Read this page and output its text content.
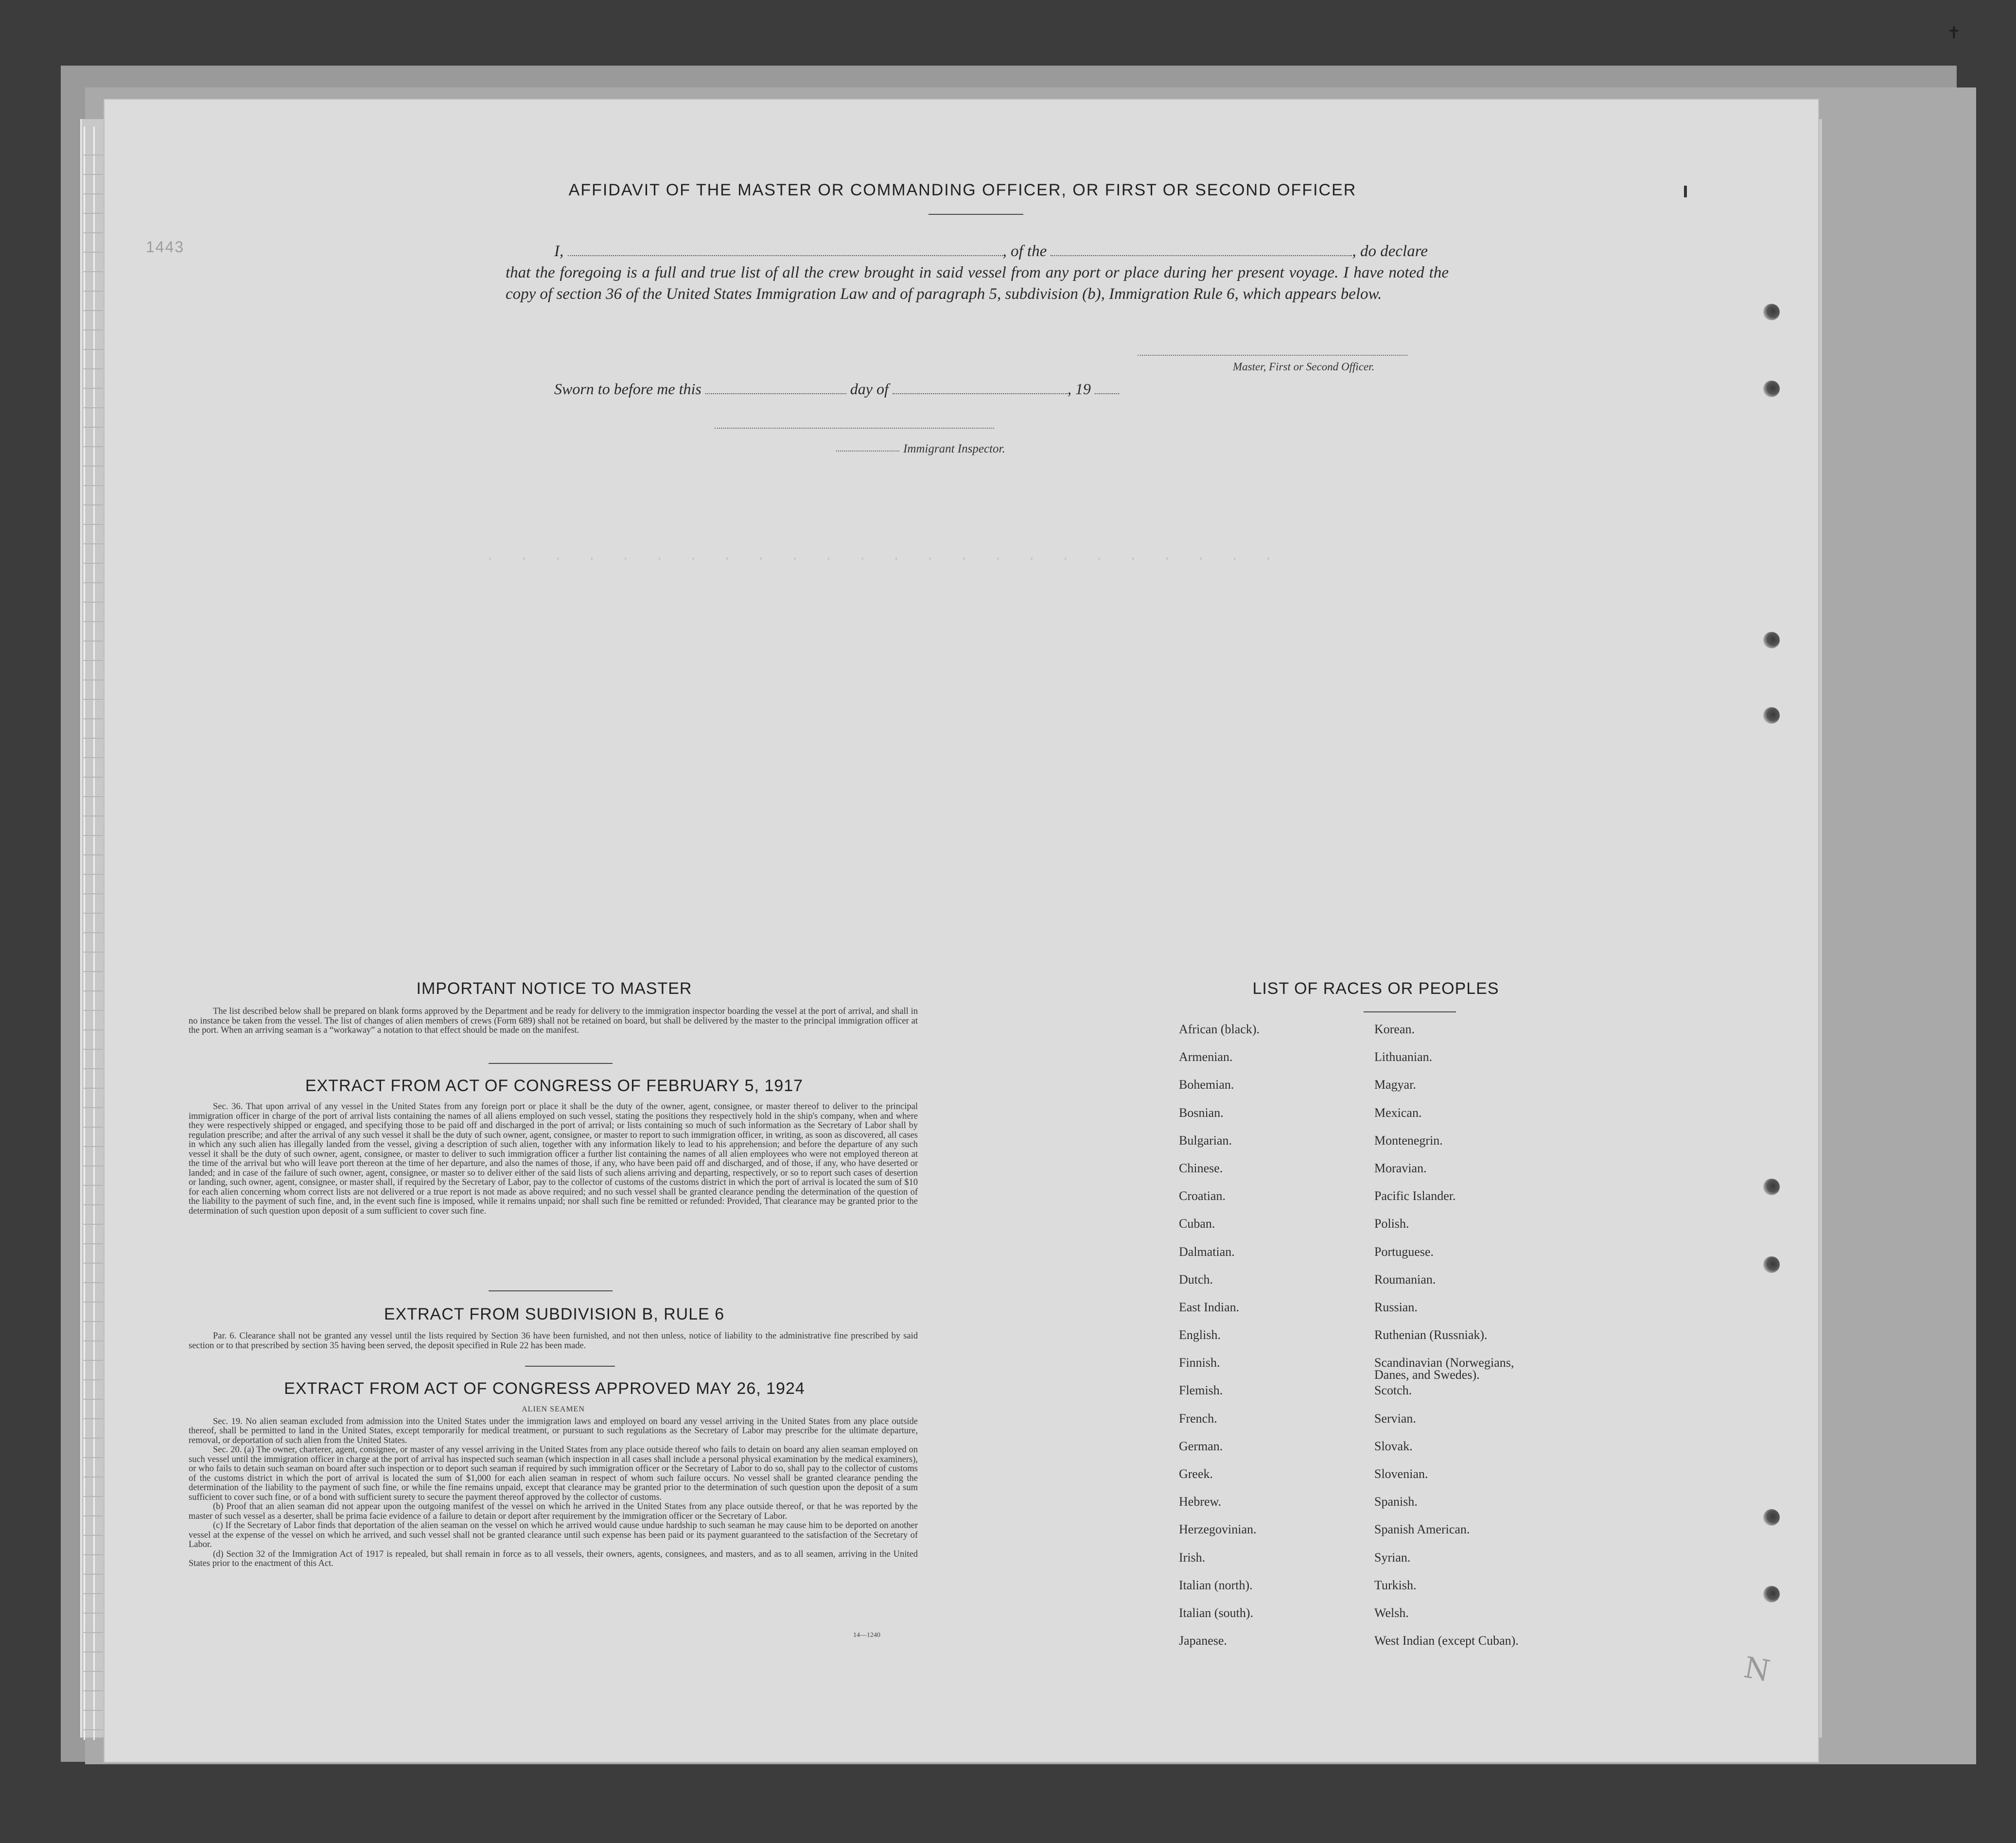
✝
1443
· · · · · · · · · · · · · · · · · · · · · · · ·
N
AFFIDAVIT OF THE MASTER OR COMMANDING OFFICER, OR FIRST OR SECOND OFFICER
I,	, of the	, do declare
that the foregoing is a full and true list of all the crew brought in said vessel from any port or place during her present voyage. I have noted the copy of section 36 of the United States Immigration Law and of paragraph 5, subdivision (b), Immigration Rule 6, which appears below.
Master, First or Second Officer.
Sworn to before me this	day of	, 19
Immigrant Inspector.
IMPORTANT NOTICE TO MASTER

The list described below shall be prepared on blank forms approved by the Department and be ready for delivery to the immigration inspector boarding the vessel at the port of arrival, and shall in no instance be taken from the vessel. The list of changes of alien members of crews (Form 689) shall not be retained on board, but shall be delivered by the master to the principal immigration officer at the port. When an arriving seaman is a “workaway” a notation to that effect should be made on the manifest.

EXTRACT FROM ACT OF CONGRESS OF FEBRUARY 5, 1917

Sec. 36. That upon arrival of any vessel in the United States from any foreign port or place it shall be the duty of the owner, agent, consignee, or master thereof to deliver to the principal immigration officer in charge of the port of arrival lists containing the names of all aliens employed on such vessel, stating the positions they respectively hold in the ship's company, when and where they were respectively shipped or engaged, and specifying those to be paid off and discharged in the port of arrival; or lists containing so much of such information as the Secretary of Labor shall by regulation prescribe; and after the arrival of any such vessel it shall be the duty of such owner, agent, consignee, or master to report to such immigration officer, in writing, as soon as discovered, all cases in which any such alien has illegally landed from the vessel, giving a description of such alien, together with any information likely to lead to his apprehension; and before the departure of any such vessel it shall be the duty of such owner, agent, consignee, or master to deliver to such immigration officer a further list containing the names of all alien employees who were not employed thereon at the time of the arrival but who will leave port thereon at the time of her departure, and also the names of those, if any, who have been paid off and discharged, and of those, if any, who have deserted or landed; and in case of the failure of such owner, agent, consignee, or master so to deliver either of the said lists of such aliens arriving and departing, respectively, or so to report such cases of desertion or landing, such owner, agent, consignee, or master shall, if required by the Secretary of Labor, pay to the collector of customs of the customs district in which the port of arrival is located the sum of $10 for each alien concerning whom correct lists are not delivered or a true report is not made as above required; and no such vessel shall be granted clearance pending the determination of the question of the liability to the payment of such fine, and, in the event such fine is imposed, while it remains unpaid; nor shall such fine be remitted or refunded: Provided, That clearance may be granted prior to the determination of such question upon deposit of a sum sufficient to cover such fine.

EXTRACT FROM SUBDIVISION B, RULE 6

Par. 6. Clearance shall not be granted any vessel until the lists required by Section 36 have been furnished, and not then unless, notice of liability to the administrative fine prescribed by said section or to that prescribed by section 35 having been served, the deposit specified in Rule 22 has been made.

EXTRACT FROM ACT OF CONGRESS APPROVED MAY 26, 1924

ALIEN SEAMEN

Sec. 19. No alien seaman excluded from admission into the United States under the immigration laws and employed on board any vessel arriving in the United States from any place outside thereof, shall be permitted to land in the United States, except temporarily for medical treatment, or pursuant to such regulations as the Secretary of Labor may prescribe for the ultimate departure, removal, or deportation of such alien from the United States.

Sec. 20. (a) The owner, charterer, agent, consignee, or master of any vessel arriving in the United States from any place outside thereof who fails to detain on board any alien seaman employed on such vessel until the immigration officer in charge at the port of arrival has inspected such seaman (which inspection in all cases shall include a personal physical examination by the medical examiners), or who fails to detain such seaman on board after such inspection or to deport such seaman if required by such immigration officer or the Secretary of Labor to do so, shall pay to the collector of customs of the customs district in which the port of arrival is located the sum of $1,000 for each alien seaman in respect of whom such failure occurs. No vessel shall be granted clearance pending the determination of the liability to the payment of such fine, or while the fine remains unpaid, except that clearance may be granted prior to the determination of such question upon the deposit of a sum sufficient to cover such fine, or of a bond with sufficient surety to secure the payment thereof approved by the collector of customs.

(b) Proof that an alien seaman did not appear upon the outgoing manifest of the vessel on which he arrived in the United States from any place outside thereof, or that he was reported by the master of such vessel as a deserter, shall be prima facie evidence of a failure to detain or deport after requirement by the immigration officer or the Secretary of Labor.

(c) If the Secretary of Labor finds that deportation of the alien seaman on the vessel on which he arrived would cause undue hardship to such seaman he may cause him to be deported on another vessel at the expense of the vessel on which he arrived, and such vessel shall not be granted clearance until such expense has been paid or its payment guaranteed to the satisfaction of the Secretary of Labor.

(d) Section 32 of the Immigration Act of 1917 is repealed, but shall remain in force as to all vessels, their owners, agents, consignees, and masters, and as to all seamen, arriving in the United States prior to the enactment of this Act.

14—1240
LIST OF RACES OR PEOPLES
African (black).	Korean.
Armenian.	Lithuanian.
Bohemian.	Magyar.
Bosnian.	Mexican.
Bulgarian.	Montenegrin.
Chinese.	Moravian.
Croatian.	Pacific Islander.
Cuban.	Polish.
Dalmatian.	Portuguese.
Dutch.	Roumanian.
East Indian.	Russian.
English.	Ruthenian (Russniak).
Finnish.	Scandinavian (Norwegians, Danes, and Swedes).
Flemish.	Scotch.
French.	Servian.
German.	Slovak.
Greek.	Slovenian.
Hebrew.	Spanish.
Herzegovinian.	Spanish American.
Irish.	Syrian.
Italian (north).	Turkish.
Italian (south).	Welsh.
Japanese.	West Indian (except Cuban).
